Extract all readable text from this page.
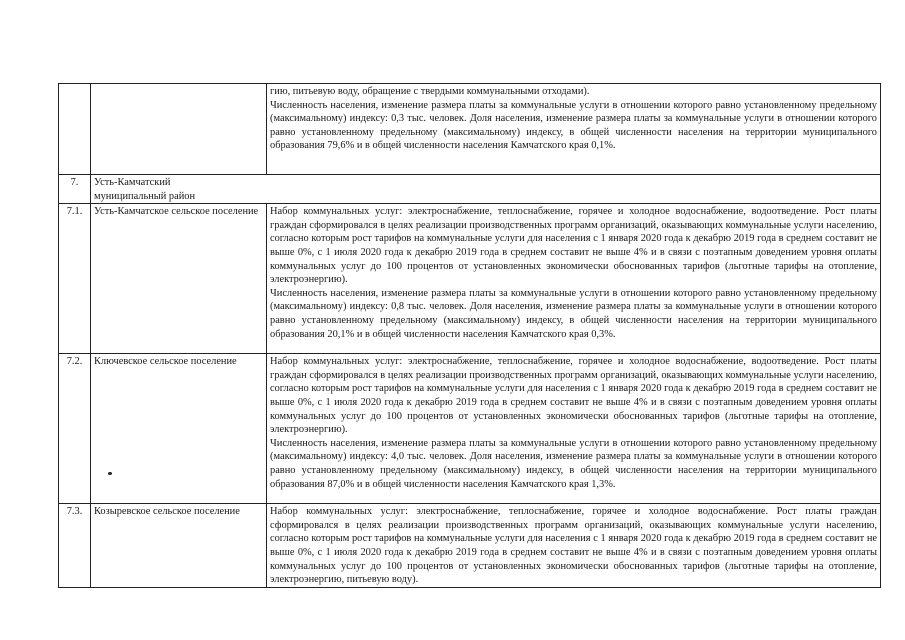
		гию, питьевую воду, обращение с твердыми коммунальными отходами).

Численность населения, изменение размера платы за коммунальные услуги в отношении которого равно установленному предельному (максимальному) индексу: 0,3 тыс. человек. Доля населения, изменение размера платы за коммунальные услуги в отношении которого равно установленному предельному (максимальному) индексу, в общей численности населения на территории муниципального образования 79,6% и в общей численности населения Камчатского края 0,1%.

7.	Усть-Камчатский муниципальный район	

7.1.	Усть-Камчатское сельское поселение	Набор коммунальных услуг: электроснабжение, теплоснабжение, горячее и холодное водоснабжение, водоотведение. Рост платы граждан сформировался в целях реализации производственных программ организаций, оказывающих коммунальные услуги населению, согласно которым рост тарифов на коммунальные услуги для населения с 1 января 2020 года к декабрю 2019 года в среднем составит не выше 0%, с 1 июля 2020 года к декабрю 2019 года в среднем составит не выше 4% и в связи с поэтапным доведением уровня оплаты коммунальных услуг до 100 процентов от установленных экономически обоснованных тарифов (льготные тарифы на отопление, электроэнергию).

Численность населения, изменение размера платы за коммунальные услуги в отношении которого равно установленному предельному (максимальному) индексу: 0,8 тыс. человек. Доля населения, изменение размера платы за коммунальные услуги в отношении которого равно установленному предельному (максимальному) индексу, в общей численности населения на территории муниципального образования 20,1% и в общей численности населения Камчатского края 0,3%.

7.2.	Ключевское сельское поселение	Набор коммунальных услуг: электроснабжение, теплоснабжение, горячее и холодное водоснабжение, водоотведение. Рост платы граждан сформировался в целях реализации производственных программ организаций, оказывающих коммунальные услуги населению, согласно которым рост тарифов на коммунальные услуги для населения с 1 января 2020 года к декабрю 2019 года в среднем составит не выше 0%, с 1 июля 2020 года к декабрю 2019 года в среднем составит не выше 4% и в связи с поэтапным доведением уровня оплаты коммунальных услуг до 100 процентов от установленных экономически обоснованных тарифов (льготные тарифы на отопление, электроэнергию).

Численность населения, изменение размера платы за коммунальные услуги в отношении которого равно установленному предельному (максимальному) индексу: 4,0 тыс. человек. Доля населения, изменение размера платы за коммунальные услуги в отношении которого равно установленному предельному (максимальному) индексу, в общей численности населения на территории муниципального образования 87,0% и в общей численности населения Камчатского края 1,3%.

7.3.	Козыревское сельское поселение	Набор коммунальных услуг: электроснабжение, теплоснабжение, горячее и холодное водоснабжение. Рост платы граждан сформировался в целях реализации производственных программ организаций, оказывающих коммунальные услуги населению, согласно которым рост тарифов на коммунальные услуги для населения с 1 января 2020 года к декабрю 2019 года в среднем составит не выше 0%, с 1 июля 2020 года к декабрю 2019 года в среднем составит не выше 4% и в связи с поэтапным доведением уровня оплаты коммунальных услуг до 100 процентов от установленных экономически обоснованных тарифов (льготные тарифы на отопление, электроэнергию, питьевую воду).
